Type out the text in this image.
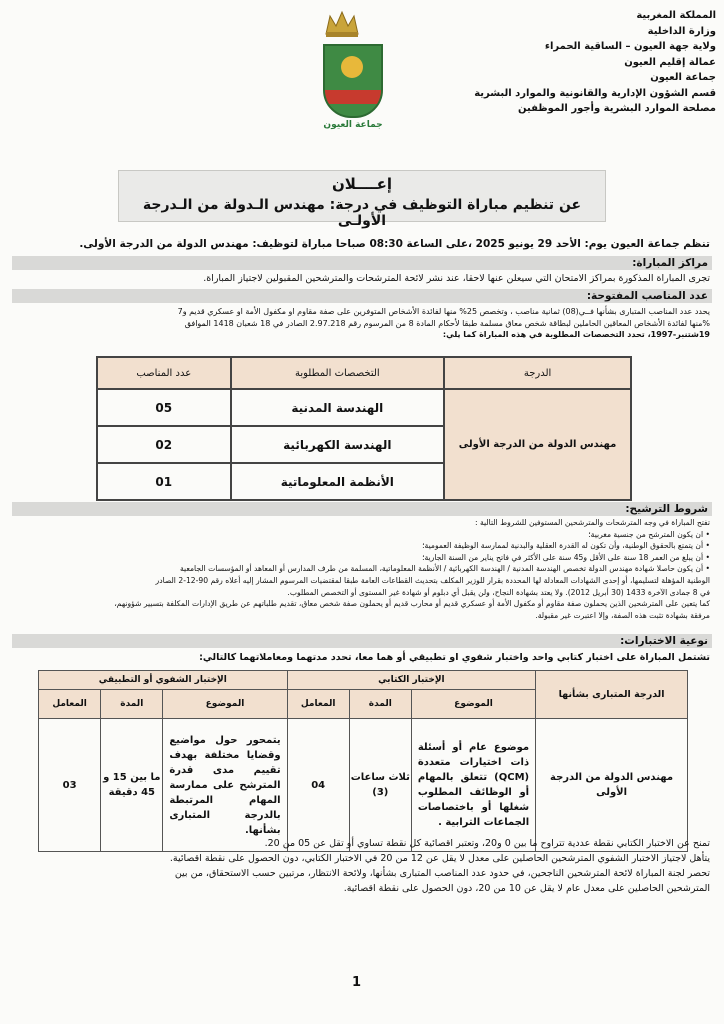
المملكة المغربية
وزارة الداخلية
ولاية جهة العيون – الساقية الحمراء
عمالة إقليم العيون
جماعة العيون
قسم الشؤون الإدارية والقانونية والموارد البشرية
مصلحة الموارد البشرية وأجور الموظفين
جماعة العيون
إعــــلان
عن تنظيم مباراة التوظيف في درجة: مهندس الـدولة من الـدرجة الأولـى
تنظم جماعة العيون يوم: الأحد 29 يونيو 2025 ،على الساعة 08:30 صباحا مباراة لتوظيف: مهندس الدولة من الدرجة الأولى.
مراكز المباراة:

تجرى المباراة المذكورة بمراكز الامتحان التي سيعلن عنها لاحقا، عند نشر لائحة المترشحات والمترشحين المقبولين لاجتياز المباراة.

عدد المناصب المفتوحة:

يحدد عدد المناصب المتبارى بشأنها فــي(08) ثمانية مناصب ، وتخصص 25% منها لفائدة الأشخاص المتوفرين على صفة مقاوم او مكفول الأمة او عسكري قديم و7

%منها لفائدة الأشخاص المعاقين الحاملين لبطاقة شخص معاق مسلمة طبقا لأحكام المادة 8 من المرسوم رقم 2.97.218 الصادر في 18 شعبان 1418 الموافق

19شتنبر-1997، تحدد التخصصات المطلوبة في هذه المباراة كما يلي:

الدرجة	التخصصات المطلوبة	عدد المناصب
مهندس الدولة من الدرجة الأولى	الهندسة المدنية	05
	الهندسة الكهربائية	02
	الأنظمة المعلوماتية	01
شروط الترشيح:

تفتح المباراة في وجه المترشحات والمترشحين المستوفين للشروط التالية :

• ان يكون المترشح من جنسية مغربية؛

• أن يتمتع بالحقوق الوطنية، وأن تكون له القدرة العقلية والبدنية لممارسة الوظيفة العمومية؛

• أن يبلغ من العمر 18 سنة على الأقل و45 سنة على الأكثر في فاتح يناير من السنة الجارية؛

• أن يكون حاصلا شهادة مهندس الدولة تخصص الهندسة المدنية / الهندسة الكهربائية / الأنظمة المعلوماتية، المسلمة من طرف المدارس أو المعاهد أو المؤسسات الجامعية

الوطنية المؤهلة لتسليمها، أو إحدى الشهادات المعادلة لها المحددة بقرار للوزير المكلف بتحديث القطاعات العامة طبقا لمقتضيات المرسوم المشار إليه أعلاه رقم 90-12-2 الصادر

في 8 جمادى الآخرة 1433 (30 أبريل 2012). ولا يعتد بشهادة النجاح، ولن يقبل أي دبلوم أو شهادة غير المستوى أو التخصص المطلوب.

كما يتعين على المترشحين الذين يحملون صفة مقاوم أو مكفول الأمة أو عسكري قديم أو محارب قديم أو يحملون صفة شخص معاق، تقديم طلباتهم عن طريق الإدارات المكلفة بتسيير شؤونهم،

مرفقة بشهادة تثبت هذه الصفة، وإلا اعتبرت غير مقبولة.

نوعية الاختبارات:

تشتمل المباراة على اختبار كتابي واحد واختبار شفوي او تطبيقي أو هما معا، تحدد مدتهما ومعاملاتهما كالتالي:

الدرجة المتبارى بشأنها	الإختبار الكتابي			الإختبار الشفوي أو التطبيقي		
	الموضوع	المدة	المعامل	الموضوع	المدة	المعامل
مهندس الدولة من الدرجة الأولى	موضوع عام أو أسئلة ذات اختيارات متعددة (QCM) تتعلق بالمهام أو الوظائف المطلوب شغلها أو باختصاصات الجماعات الترابية .	ثلاث ساعات (3)	04	يتمحور حول مواضيع وقضايا مختلفة بهدف تقييم مدى قدرة المترشح على ممارسة المهام المرتبطة بالدرجة المتبارى بشأنها.	ما بين 15 و 45 دقيقة	03

تمنح عن الاختبار الكتابي نقطة عددية تتراوح ما بين 0 و20، وتعتبر اقصائية كل نقطة تساوي أو تقل عن 05 من 20.

يتأهل لاجتياز الاختبار الشفوي المترشحين الحاصلين على معدل لا يقل عن 12 من 20 في الاختبار الكتابي، دون الحصول على نقطة اقصائية.

تحصر لجنة المباراة لائحة المترشحين الناجحين، في حدود عدد المناصب المتبارى بشأنها، ولائحة الانتظار، مرتبين حسب الاستحقاق، من بين

المترشحين الحاصلين على معدل عام لا يقل عن 10 من 20، دون الحصول على نقطة اقصائية.

1
